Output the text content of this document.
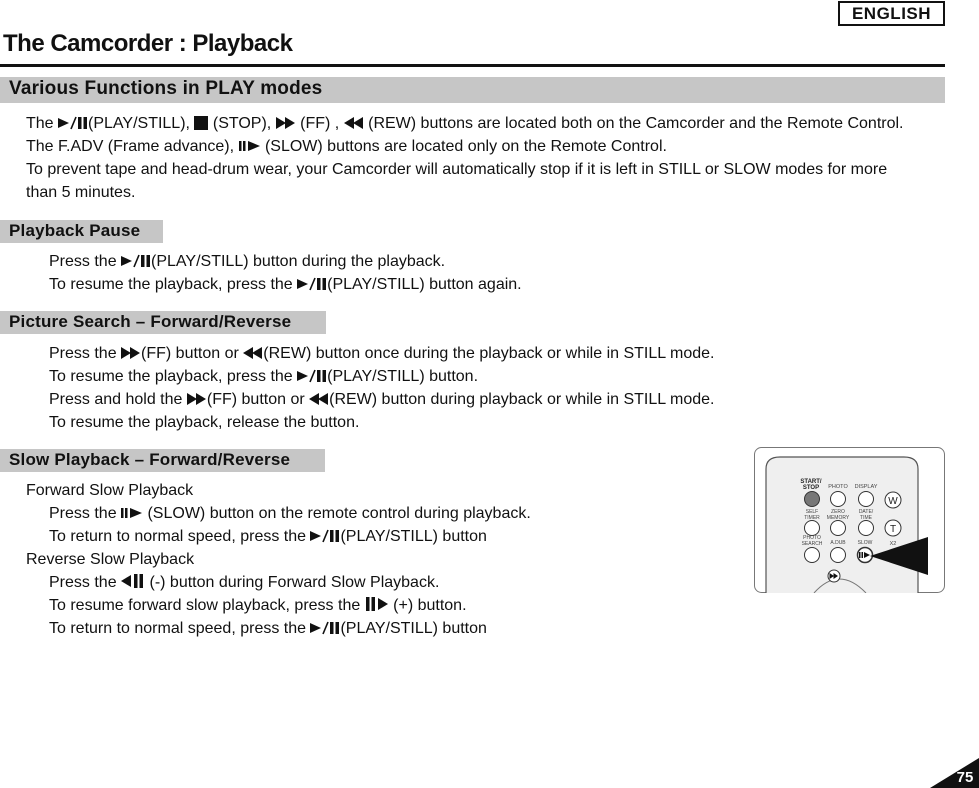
ENGLISH
The Camcorder : Playback
Various Functions in PLAY modes
The (PLAY/STILL),  (STOP),  (FF) ,  (REW) buttons are located both on the Camcorder and the Remote Control.
The F.ADV (Frame advance),  (SLOW) buttons are located only on the Remote Control.
To prevent tape and head-drum wear, your Camcorder will automatically stop if it is left in STILL or SLOW modes for more
than 5 minutes.
Playback Pause
Press the (PLAY/STILL) button during the playback.
To resume the playback, press the (PLAY/STILL) button again.
Picture Search – Forward/Reverse
Press the (FF) button or (REW) button once during the playback or while in STILL mode.
To resume the playback, press the (PLAY/STILL) button.
Press and hold the (FF) button or (REW) button during playback or while in STILL mode.
To resume the playback, release the button.
Slow Playback – Forward/Reverse
Forward Slow Playback
Press the  (SLOW) button on the remote control during playback.
To return to normal speed, press the (PLAY/STILL) button
Reverse Slow Playback
Press the  (-) button during Forward Slow Playback.
To resume forward slow playback, press the  (+) button.
To return to normal speed, press the (PLAY/STILL) button
START/
STOP PHOTO DISPLAY
SELF
TIMER
ZERO
MEMORY
DATE/
TIME
W
T
X2
PHOTO
SEARCH A.DUB SLOW
75
